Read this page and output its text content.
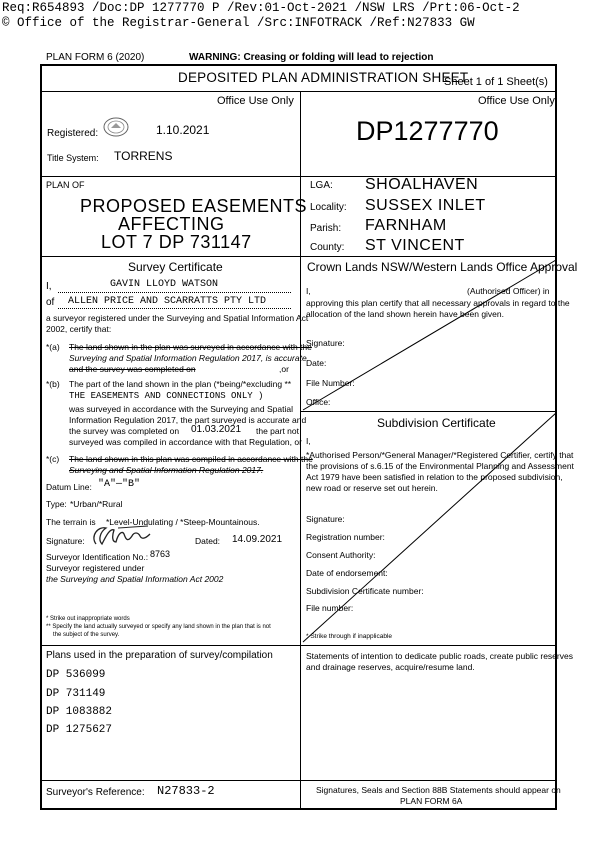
Req:R654893 /Doc:DP 1277770 P /Rev:01-Oct-2021 /NSW LRS /Prt:06-Oct-2
© Office of the Registrar-General /Src:INFOTRACK /Ref:N27833 GW
PLAN FORM 6 (2020)	WARNING: Creasing or folding will lead to rejection
DEPOSITED PLAN ADMINISTRATION SHEET
Sheet 1 of 1 Sheet(s)
Office Use Only	Office Use Only
Registered:	1.10.2021
Title System: TORRENS
DP1277770
PLAN OF
PROPOSED EASEMENTS
AFFECTING
LOT 7 DP 731147
LGA: SHOALHAVEN
Locality: SUSSEX INLET
Parish: FARNHAM
County: ST VINCENT
Survey Certificate
I,	GAVIN LLOYD WATSON
of ALLEN PRICE AND SCARRATTS PTY LTD
a surveyor registered under the Surveying and Spatial Information Act
2002, certify that:
*(a) The land shown in the plan was surveyed in accordance with the
Surveying and Spatial Information Regulation 2017, is accurate
and the survey was completed on	,or
*(b) The part of the land shown in the plan (*being/*excluding **
THE EASEMENTS AND CONNECTIONS ONLY )
was surveyed in accordance with the Surveying and Spatial
Information Regulation 2017, the part surveyed is accurate and
the survey was completed on 01.03.2021 the part not
surveyed was compiled in accordance with that Regulation, or
*(c) The land shown in this plan was compiled in accordance with the
Surveying and Spatial Information Regulation 2017.
Datum Line: "A"—"B"
Type: *Urban/*Rural
The terrain is *Level-Undulating / *Steep-Mountainous.
Signature:	Dated: 14.09.2021
Surveyor Identification No.: 8763
Surveyor registered under
the Surveying and Spatial Information Act 2002
* Strike out inappropriate words
** Specify the land actually surveyed or specify any land shown in the plan that is not
the subject of the survey.
Crown Lands NSW/Western Lands Office Approval
I,	(Authorised Officer) in
approving this plan certify that all necessary approvals in regard to the
allocation of the land shown herein have been given.
Signature:
Date:
File Number:
Office:
Subdivision Certificate
I,
*Authorised Person/*General Manager/*Registered Certifier, certify that
the provisions of s.6.15 of the Environmental Planning and Assessment
Act 1979 have been satisfied in relation to the proposed subdivision,
new road or reserve set out herein.
Signature:
Registration number:
Consent Authority:
Date of endorsement:
Subdivision Certificate number:
File number:
* Strike through if inapplicable
Plans used in the preparation of survey/compilation
DP 536099
DP 731149
DP 1083882
DP 1275627
Statements of intention to dedicate public roads, create public reserves
and drainage reserves, acquire/resume land.
Surveyor's Reference: N27833-2	Signatures, Seals and Section 88B Statements should appear on
PLAN FORM 6A
